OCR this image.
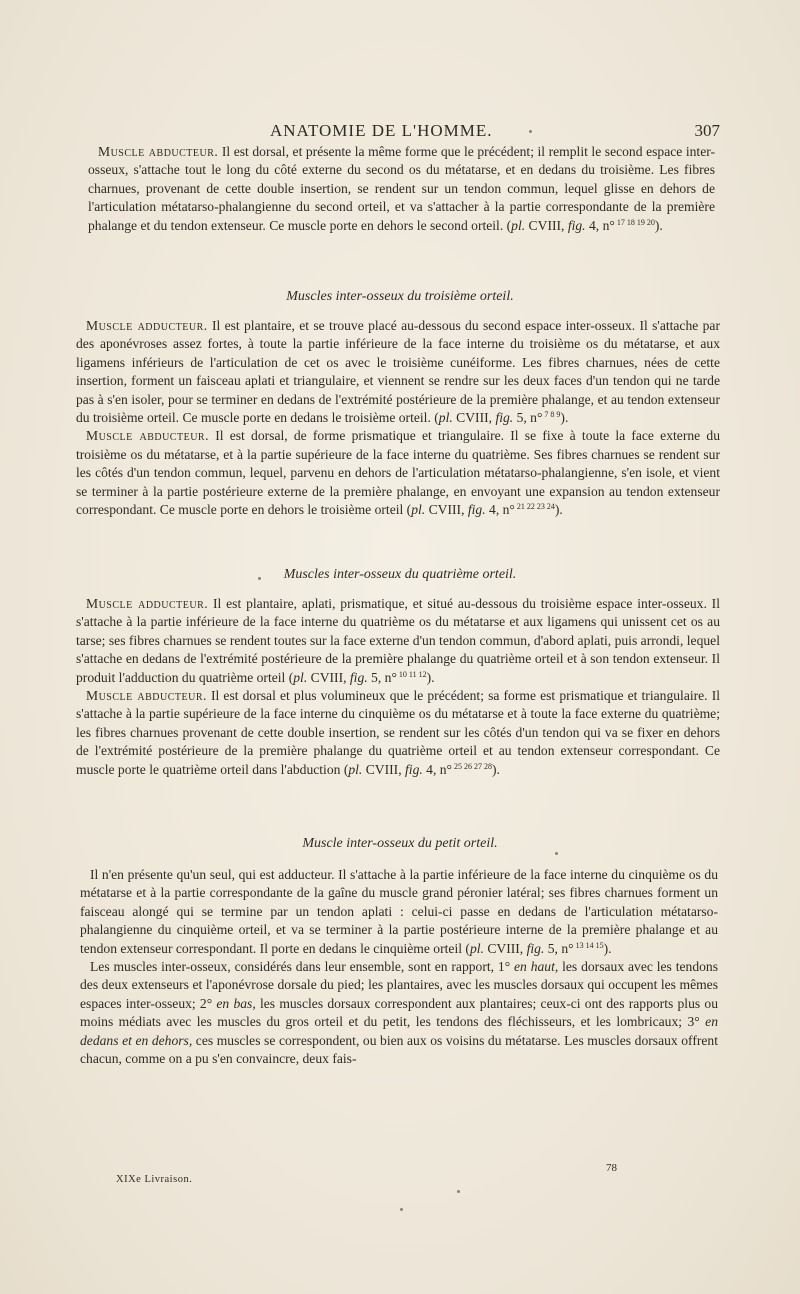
ANATOMIE DE L'HOMME.	307

Muscle abducteur. Il est dorsal, et présente la même forme que le précédent; il remplit le second espace inter-osseux, s'attache tout le long du côté externe du second os du métatarse, et en dedans du troisième. Les fibres charnues, provenant de cette double insertion, se rendent sur un tendon commun, lequel glisse en dehors de l'articulation métatarso-phalangienne du second orteil, et va s'attacher à la partie correspondante de la première phalange et du tendon extenseur. Ce muscle porte en dehors le second orteil. (pl. CVIII, fig. 4, n° $^{17 18 19 20}$).

Muscles inter-osseux du troisième orteil.

Muscle adducteur. Il est plantaire, et se trouve placé au-dessous du second espace inter-osseux. Il s'attache par des aponévroses assez fortes, à toute la partie inférieure de la face interne du troisième os du métatarse, et aux ligamens inférieurs de l'articulation de cet os avec le troisième cunéiforme. Les fibres charnues, nées de cette insertion, forment un faisceau aplati et triangulaire, et viennent se rendre sur les deux faces d'un tendon qui ne tarde pas à s'en isoler, pour se terminer en dedans de l'extrémité postérieure de la première phalange, et au tendon extenseur du troisième orteil. Ce muscle porte en dedans le troisième orteil. (pl. CVIII, fig. 5, n° $^{7 8 9}$).

Muscle abducteur. Il est dorsal, de forme prismatique et triangulaire. Il se fixe à toute la face externe du troisième os du métatarse, et à la partie supérieure de la face interne du quatrième. Ses fibres charnues se rendent sur les côtés d'un tendon commun, lequel, parvenu en dehors de l'articulation métatarso-phalangienne, s'en isole, et vient se terminer à la partie postérieure externe de la première phalange, en envoyant une expansion au tendon extenseur correspondant. Ce muscle porte en dehors le troisième orteil (pl. CVIII, fig. 4, n° $^{21 22 23 24}$).

Muscles inter-osseux du quatrième orteil.

Muscle adducteur. Il est plantaire, aplati, prismatique, et situé au-dessous du troisième espace inter-osseux. Il s'attache à la partie inférieure de la face interne du quatrième os du métatarse et aux ligamens qui unissent cet os au tarse; ses fibres charnues se rendent toutes sur la face externe d'un tendon commun, d'abord aplati, puis arrondi, lequel s'attache en dedans de l'extrémité postérieure de la première phalange du quatrième orteil et à son tendon extenseur. Il produit l'adduction du quatrième orteil (pl. CVIII, fig. 5, n° $^{10 11 12}$).

Muscle abducteur. Il est dorsal et plus volumineux que le précédent; sa forme est prismatique et triangulaire. Il s'attache à la partie supérieure de la face interne du cinquième os du métatarse et à toute la face externe du quatrième; les fibres charnues provenant de cette double insertion, se rendent sur les côtés d'un tendon qui va se fixer en dehors de l'extrémité postérieure de la première phalange du quatrième orteil et au tendon extenseur correspondant. Ce muscle porte le quatrième orteil dans l'abduction (pl. CVIII, fig. 4, n° $^{25 26 27 28}$).

Muscle inter-osseux du petit orteil.

Il n'en présente qu'un seul, qui est adducteur. Il s'attache à la partie inférieure de la face interne du cinquième os du métatarse et à la partie correspondante de la gaîne du muscle grand péronier latéral; ses fibres charnues forment un faisceau alongé qui se termine par un tendon aplati : celui-ci passe en dedans de l'articulation métatarso-phalangienne du cinquième orteil, et va se terminer à la partie postérieure interne de la première phalange et au tendon extenseur correspondant. Il porte en dedans le cinquième orteil (pl. CVIII, fig. 5, n° $^{13 14 15}$).

Les muscles inter-osseux, considérés dans leur ensemble, sont en rapport, 1° en haut, les dorsaux avec les tendons des deux extenseurs et l'aponévrose dorsale du pied; les plantaires, avec les muscles dorsaux qui occupent les mêmes espaces inter-osseux; 2° en bas, les muscles dorsaux correspondent aux plantaires; ceux-ci ont des rapports plus ou moins médiats avec les muscles du gros orteil et du petit, les tendons des fléchisseurs, et les lombricaux; 3° en dedans et en dehors, ces muscles se correspondent, ou bien aux os voisins du métatarse. Les muscles dorsaux offrent chacun, comme on a pu s'en convaincre, deux fais-

78
XIXe Livraison.
